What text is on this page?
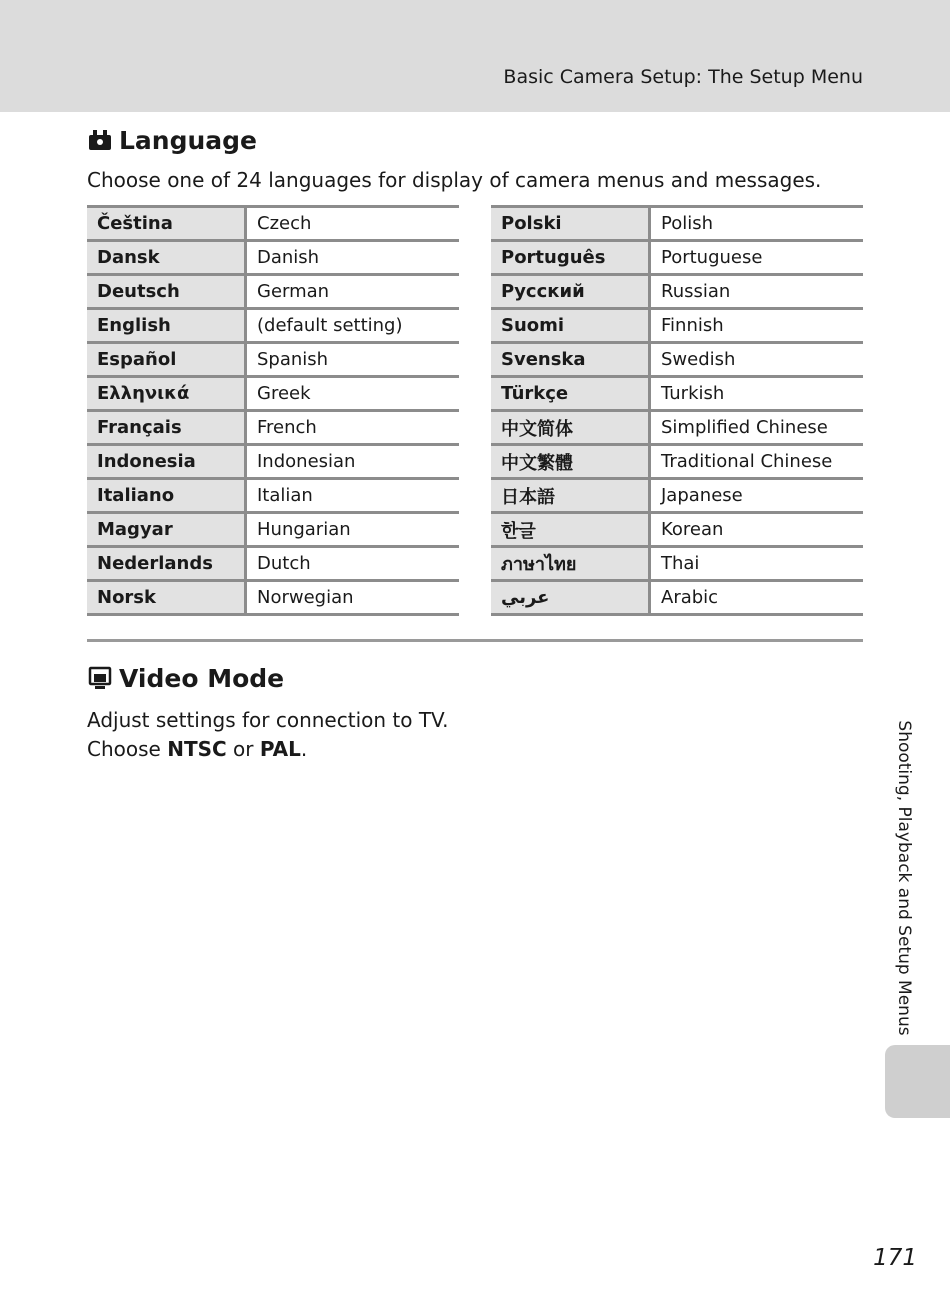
Basic Camera Setup: The Setup Menu
Language
Choose one of 24 languages for display of camera menus and messages.
Čeština	Czech
Dansk	Danish
Deutsch	German
English	(default setting)
Español	Spanish
Ελληνικά	Greek
Français	French
Indonesia	Indonesian
Italiano	Italian
Magyar	Hungarian
Nederlands	Dutch
Norsk	Norwegian
Polski	Polish
Português	Portuguese
Русский	Russian
Suomi	Finnish
Svenska	Swedish
Türkçe	Turkish
中文简体	Simplified Chinese
中文繁體	Traditional Chinese
日本語	Japanese
한글	Korean
ภาษาไทย	Thai
عربي	Arabic
Video Mode
Adjust settings for connection to TV.
Choose NTSC or PAL.	Shooting, Playback and Setup Menus
171
